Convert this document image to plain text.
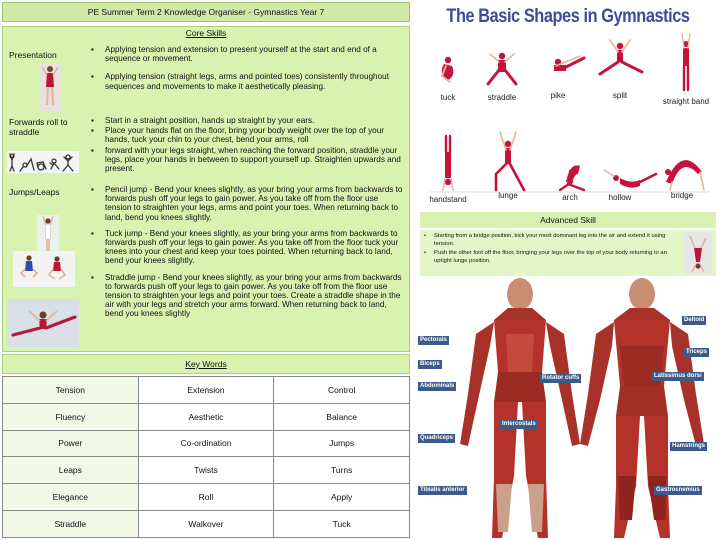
PE Summer Term 2 Knowledge Organiser - Gymnastics Year 7
Core Skills
Presentation
▪ Applying tension and extension to present yourself at the start and end of a sequence or movement.
▪ Applying tension (straight legs, arms and pointed toes) consistently throughout sequences and movements to make it aesthetically pleasing.
Forwards roll to straddle
▪ Start in a straight position, hands up straight by your ears.
▪ Place your hands flat on the floor, bring your body weight over the top of your hands, tuck your chin to your chest, bend your arms, roll
▪ forward with your legs straight, when reaching the forward position, straddle your legs, place your hands in between to support yourself up. Straighten upwards and present.
Jumps/Leaps	▪ Pencil jump - Bend your knees slightly, as your bring your arms from backwards to forwards push off your legs to gain power. As you take off from the floor use tension to straighten your legs, arms and point your toes. When returning back to land, bend you knees slightly.
▪ Tuck jump - Bend your knees slightly, as your bring your arms from backwards to forwards push off your legs to gain power. As you take off from the floor tuck your knees into your chest and keep your toes pointed. When returning back to land, bend your knees slightly.
▪ Straddle jump - Bend your knees slightly, as your bring your arms from backwards to forwards push off your legs to gain power. As you take off from the floor use tension to straighten your legs and point your toes. Create a straddle shape in the air with your legs and stretch your arms forward. When returning back to land, bend you knees slightly
Key Words
Tension	Extension	Control
Fluency	Aesthetic	Balance
Power	Co-ordination	Jumps
Leaps	Twists	Turns
Elegance	Roll	Apply
Straddle	Walkover	Tuck
The Basic Shapes in Gymnastics
tuck	straddle	pike	split
straight band
handstand	lunge	arch	hollow	bridge
Advanced Skill
• Starting from a bridge position, kick your most dominant leg into the air and extend it using tension.
• Push the other foot off the floor, bringing your legs over the top of your body returning to an upright lunge position.
Deltoid
Pectorals
Triceps
Biceps
Rotator cuffs	Latissimus dorsi
Abdominals
Intercostals
Quadriceps
Hamstrings
Tibialis anterior	Gastrocnemius
